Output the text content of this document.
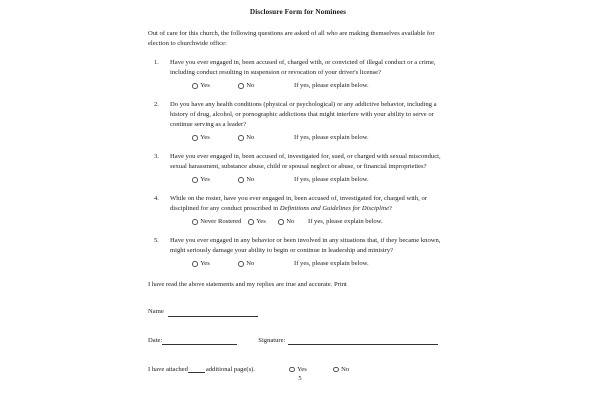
Disclosure Form for Nominees

Out of care for this church, the following questions are asked of all who are making themselves available for election to churchwide office:

1.	Have you ever engaged in, been accused of, charged with, or convicted of illegal conduct or a crime, including conduct resulting in suspension or revocation of your driver's license?

Yes	No	If yes, please explain below.
2.	Do you have any health conditions (physical or psychological) or any addictive behavior, including a history of drug, alcohol, or pornographic addictions that might interfere with your ability to serve or continue serving as a leader?

Yes	No	If yes, please explain below.
3.	Have you ever engaged in, been accused of, investigated for, sued, or charged with sexual misconduct, sexual harassment, substance abuse, child or spousal neglect or abuse, or financial improprieties?

Yes	No	If yes, please explain below.
4.	While on the roster, have you ever engaged in, been accused of, investigated for, charged with, or disciplined for any conduct proscribed in Definitions and Guidelines for Discipline?

Never Rostered Yes	No If yes, please explain below.
5.	Have you ever engaged in any behavior or been involved in any situations that, if they became known, might seriously damage your ability to begin or continue in leadership and ministry?

Yes	No	If yes, please explain below.

I have read the above statements and my replies are true and accurate. Print

Name
Date:	Signature:
I have attached	additional page(s).	Yes	No
5
